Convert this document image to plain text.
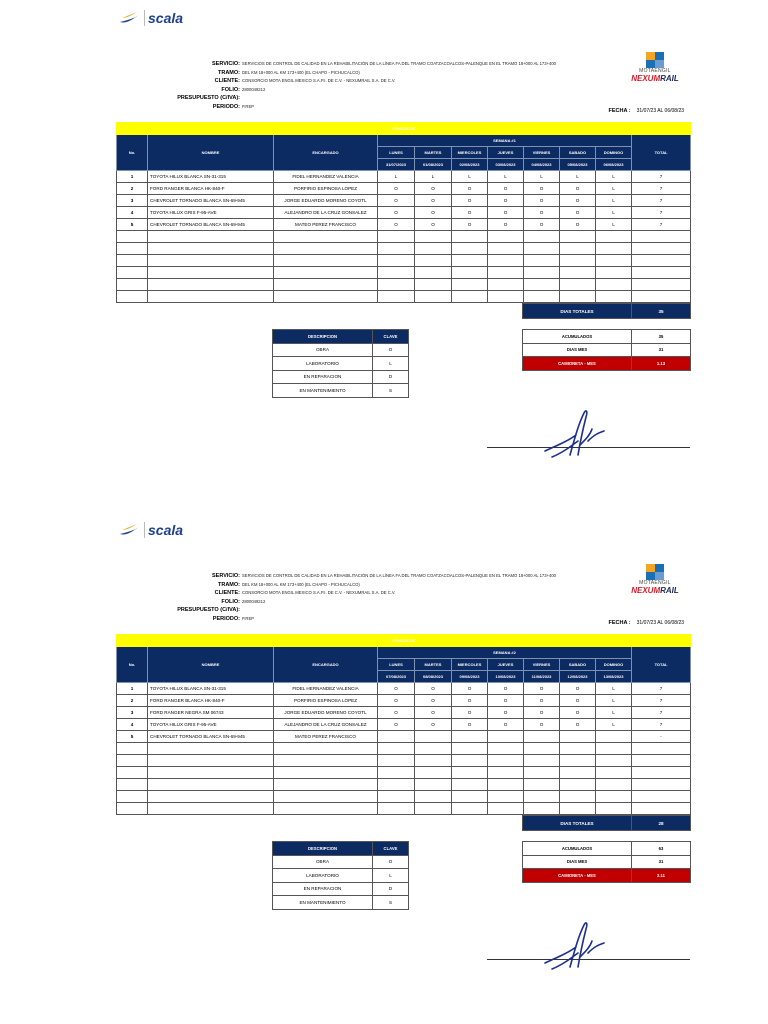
scala
SERVICIO: SERVICIOS DE CONTROL DE CALIDAD EN LA REHABILITACIÓN DE LA LÍNEA FA DEL TRAMO COATZACOALCOS-PALENQUE EN EL TRAMO 18+000 AL 173+400
TRAMO: DEL KM 18+000 AL KM 173+400 (EL CHAPO - PICHUCALCO)
CLIENTE: CONSORCIO MOTA ENGIL MEXICO S.A.P.I. DE C.V. - NEXUMRAIL S.A. DE C.V.
FOLIO: 2800049212
PRESUPUESTO (C/IVA):
PERIODO: P.REP
MOTAENGIL
NEXUMRAIL
FECHA : 31/07/23 AL 06/08/23
VEHICULOS										
No.	NOMBRE	ENCARGADO	SEMANA #1							TOTAL
			LUNES	MARTES	MIERCOLES	JUEVES	VIERNES	SABADO	DOMINGO	
			31/07/2023	01/08/2023	02/08/2023	03/08/2023	04/08/2023	05/08/2023	06/08/2023	
1	TOYOTA HILUX BLANCA SN-31-315	FIDEL HERNANDEZ VALENCIA	L	L	L	L	L	L	L	7
2	FORD RANGER BLANCA HK-840-F	PORFIRIO ESPINOSA LOPEZ	O	O	O	O	O	O	L	7
3	CHEVROLET TORNADO BLANCA SN-69-945	JORGE EDUARDO MORENO COYOTL	O	O	O	O	O	O	L	7
4	TOYOTA HILUX GRIS F-95-AVE	ALEJANDRO DE LA CRUZ GONSALEZ	O	O	O	O	O	O	L	7
5	CHEVROLET TORNADO BLANCA SN-69-945	MATEO PEREZ FRANCISCO	O	O	O	O	O	O	L	7

DIAS TOTALES	35
DESCRIPCION	CLAVE
OBRA	O
LABORATORIO	L
EN REPARACION	D
EN MANTENIMIENTO	S
ACUMULADOS	35
DIAS MES	31
CAMIONETA - MES	1.13
scala
SERVICIO: SERVICIOS DE CONTROL DE CALIDAD EN LA REHABILITACIÓN DE LA LÍNEA FA DEL TRAMO COATZACOALCOS-PALENQUE EN EL TRAMO 18+000 AL 173+400
TRAMO: DEL KM 18+000 AL KM 173+400 (EL CHAPO - PICHUCALCO)
CLIENTE: CONSORCIO MOTA ENGIL MEXICO S.A.P.I. DE C.V. - NEXUMRAIL S.A. DE C.V.
FOLIO: 2800049212
PRESUPUESTO (C/IVA):
PERIODO: P.REP
MOTAENGIL
NEXUMRAIL
FECHA : 31/07/23 AL 06/08/23
VEHICULOS										
No.	NOMBRE	ENCARGADO	SEMANA #2							TOTAL
			LUNES	MARTES	MIERCOLES	JUEVES	VIERNES	SABADO	DOMINGO	
			07/08/2023	08/08/2023	09/08/2023	10/08/2023	11/08/2023	12/08/2023	13/08/2023	
1	TOYOTA HILUX BLANCA SN-31-315	FIDEL HERNANDEZ VALENCIA	O	O	O	O	O	O	L	7
2	FORD RANGER BLANCA HK-840-F	PORFIRIO ESPINOSA LOPEZ	O	O	O	O	O	O	L	7
3	FORD RANGER NEGRA SM 06743	JORGE EDUARDO MORENO COYOTL	O	O	O	O	O	O	L	7
4	TOYOTA HILUX GRIS F-95-AVE	ALEJANDRO DE LA CRUZ GONSALEZ	O	O	O	O	O	O	L	7
5	CHEVROLET TORNADO BLANCA SN-69-945	MATEO PEREZ FRANCISCO								-

DIAS TOTALES	28
DESCRIPCION	CLAVE
OBRA	O
LABORATORIO	L
EN REPARACION	D
EN MANTENIMIENTO	S
ACUMULADOS	63
DIAS MES	31
CAMIONETA - MES	2.11
